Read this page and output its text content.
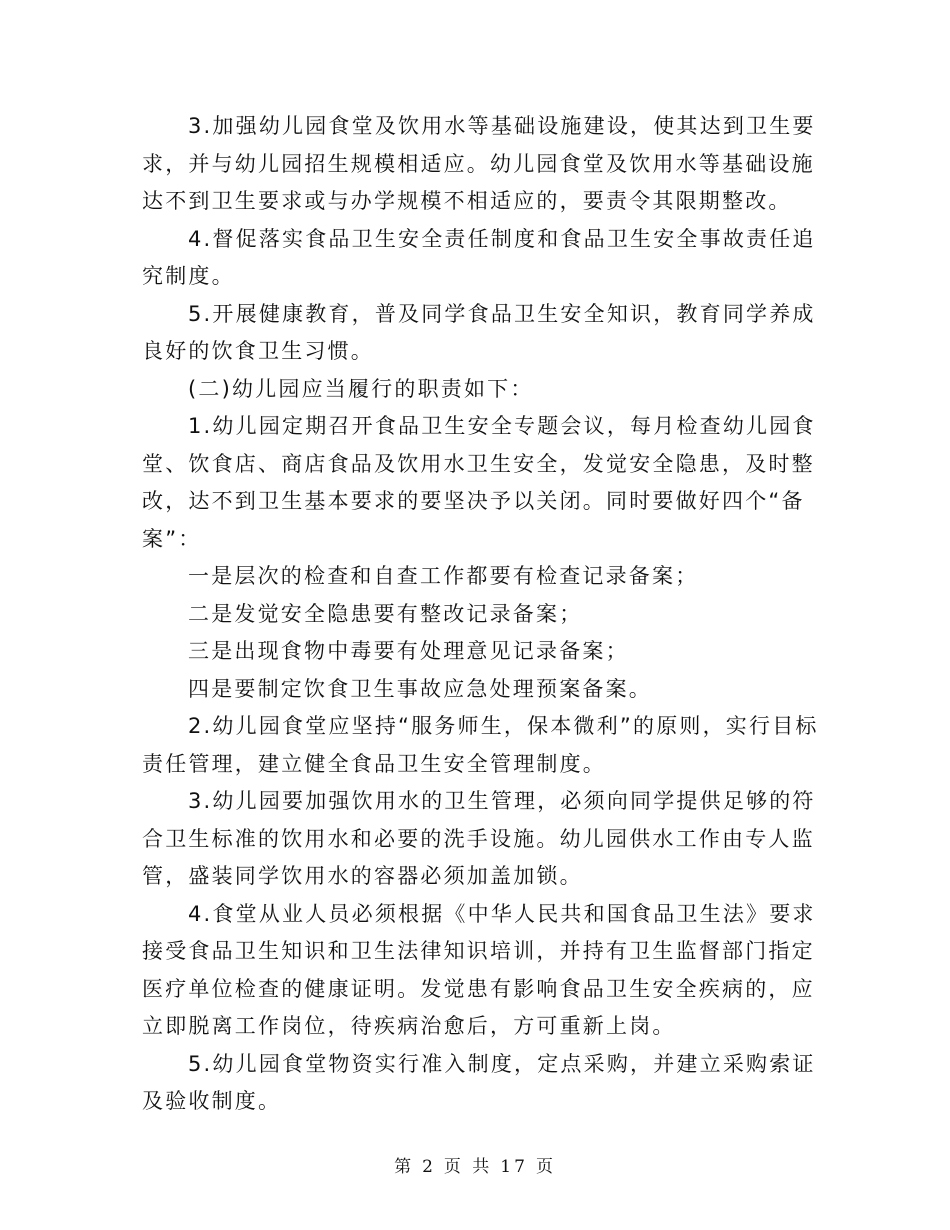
3.加强幼儿园食堂及饮用水等基础设施建设，使其达到卫生要求，并与幼儿园招生规模相适应。幼儿园食堂及饮用水等基础设施达不到卫生要求或与办学规模不相适应的，要责令其限期整改。

4.督促落实食品卫生安全责任制度和食品卫生安全事故责任追究制度。

5.开展健康教育，普及同学食品卫生安全知识，教育同学养成良好的饮食卫生习惯。

(二)幼儿园应当履行的职责如下：

1.幼儿园定期召开食品卫生安全专题会议，每月检查幼儿园食堂、饮食店、商店食品及饮用水卫生安全，发觉安全隐患，及时整改，达不到卫生基本要求的要坚决予以关闭。同时要做好四个“备案”：

一是层次的检查和自查工作都要有检查记录备案；

二是发觉安全隐患要有整改记录备案；

三是出现食物中毒要有处理意见记录备案；

四是要制定饮食卫生事故应急处理预案备案。

2.幼儿园食堂应坚持“服务师生，保本微利”的原则，实行目标责任管理，建立健全食品卫生安全管理制度。

3.幼儿园要加强饮用水的卫生管理，必须向同学提供足够的符合卫生标准的饮用水和必要的洗手设施。幼儿园供水工作由专人监管，盛装同学饮用水的容器必须加盖加锁。

4.食堂从业人员必须根据《中华人民共和国食品卫生法》要求接受食品卫生知识和卫生法律知识培训，并持有卫生监督部门指定医疗单位检查的健康证明。发觉患有影响食品卫生安全疾病的，应立即脱离工作岗位，待疾病治愈后，方可重新上岗。

5.幼儿园食堂物资实行准入制度，定点采购，并建立采购索证及验收制度。

第 2 页 共 17 页
